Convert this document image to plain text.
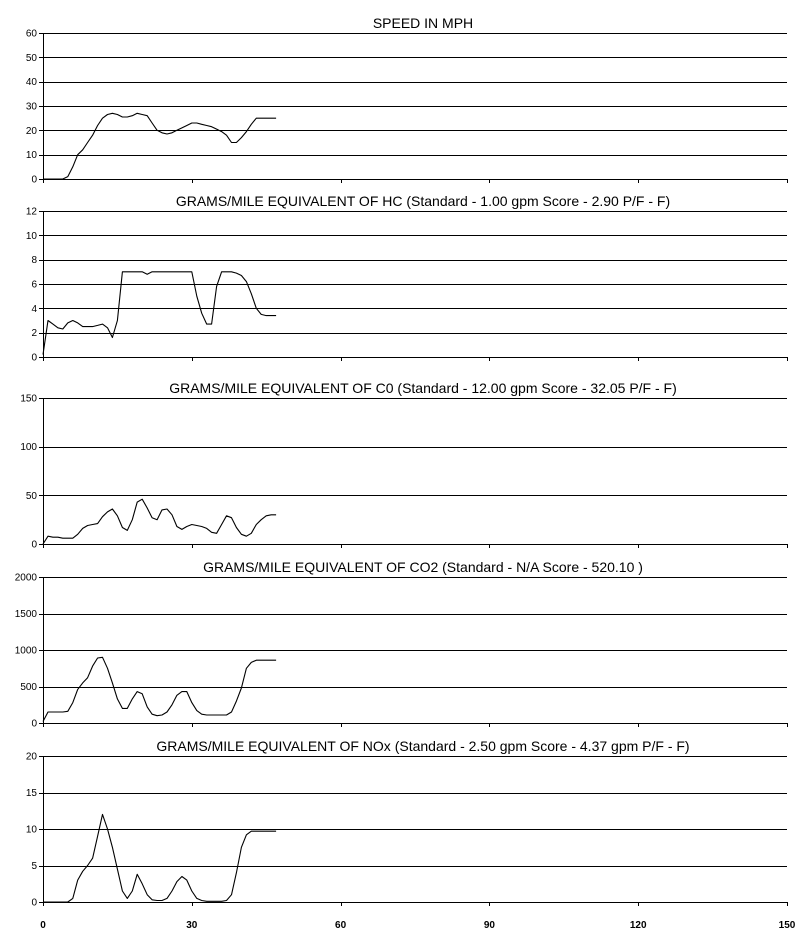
SPEED IN MPH
0
10
20
30
40
50
60
GRAMS/MILE EQUIVALENT OF HC (Standard - 1.00 gpm Score - 2.90 P/F - F)
0
2
4
6
8
10
12
GRAMS/MILE EQUIVALENT OF C0 (Standard - 12.00 gpm Score - 32.05 P/F - F)
0
50
100
150
GRAMS/MILE EQUIVALENT OF CO2 (Standard - N/A Score - 520.10 )
0
500
1000
1500
2000
GRAMS/MILE EQUIVALENT OF NOx (Standard - 2.50 gpm Score - 4.37 gpm P/F - F)
0
5
10
15
20
0	30	60	90	120	150
